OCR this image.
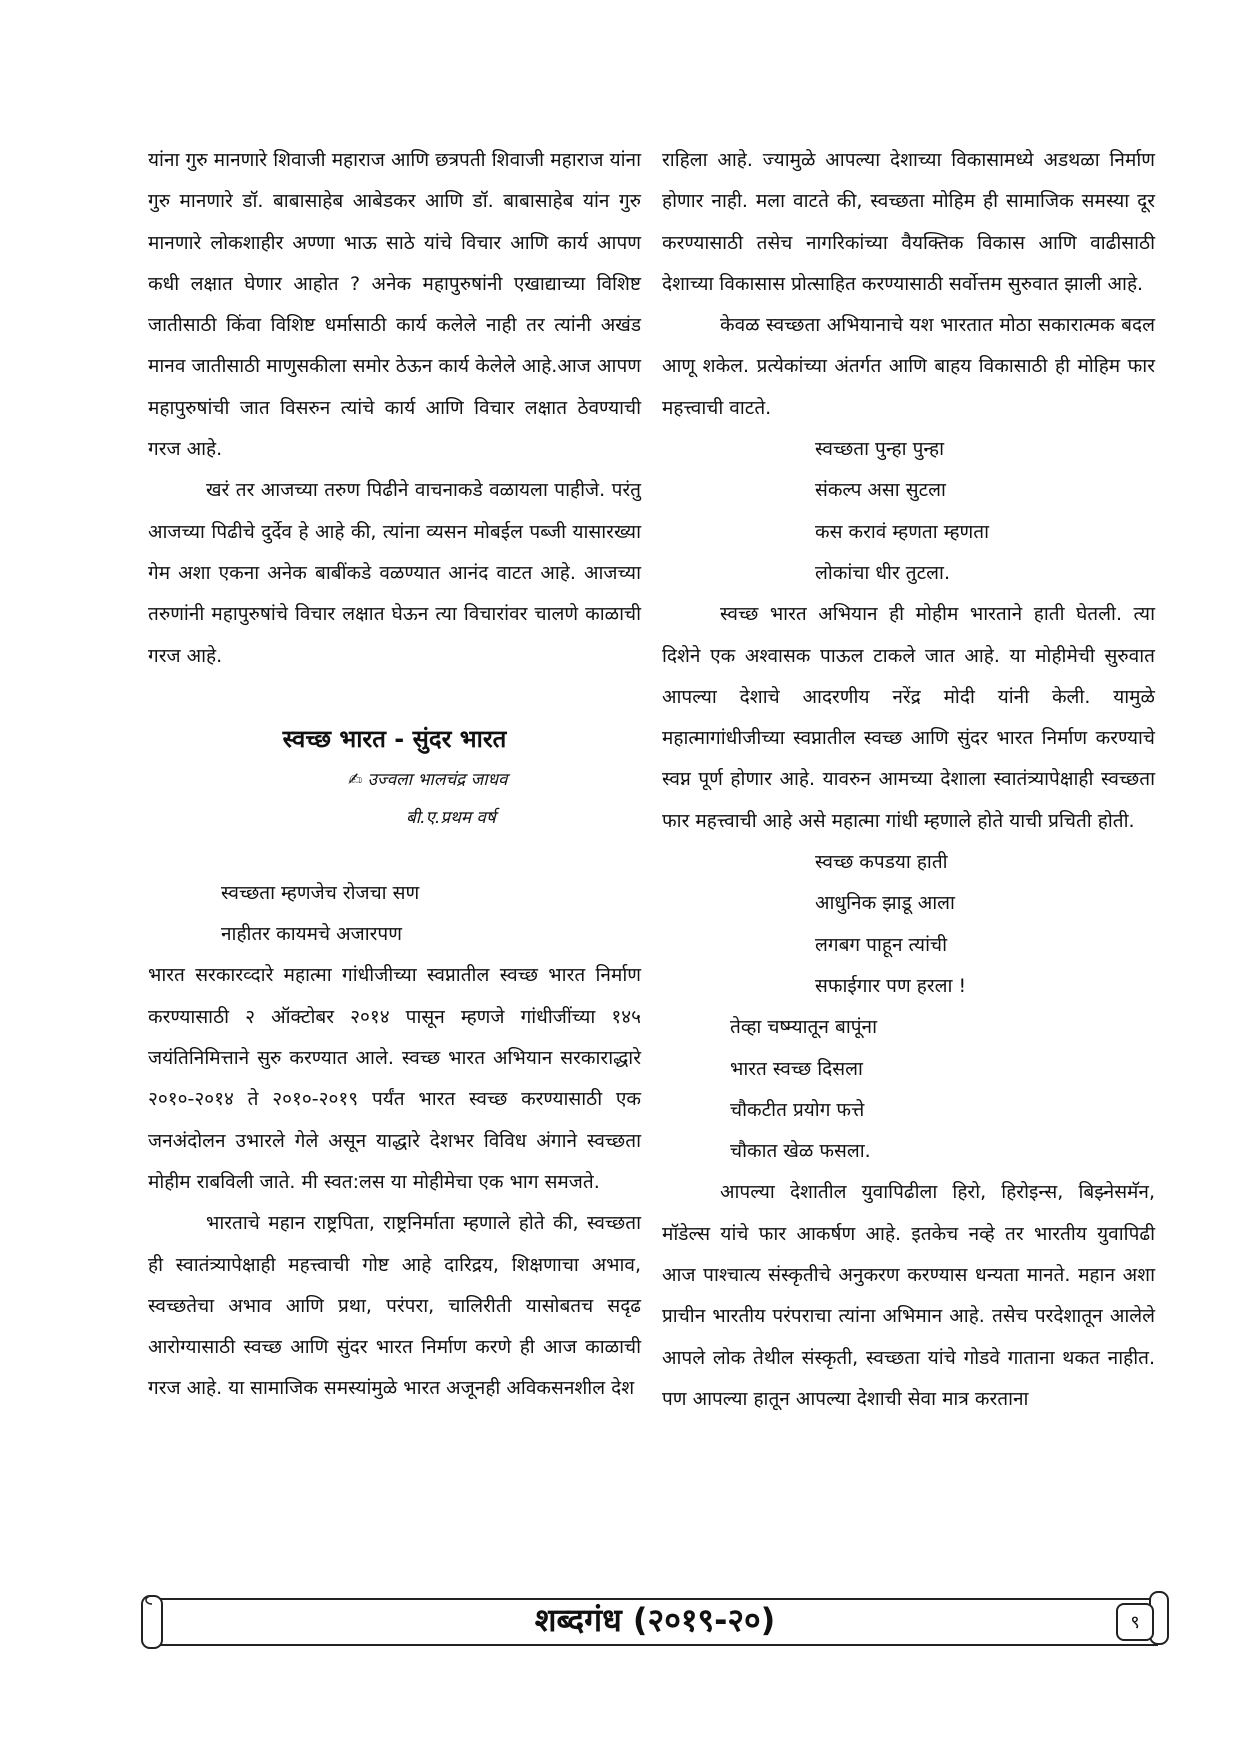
यांना गुरु मानणारे शिवाजी महाराज आणि छत्रपती शिवाजी महाराज यांना गुरु मानणारे डॉ. बाबासाहेब आबेडकर आणि डॉ. बाबासाहेब यांन गुरु मानणारे लोकशाहीर अण्णा भाऊ साठे यांचे विचार आणि कार्य आपण कधी लक्षात घेणार आहोत ? अनेक महापुरुषांनी एखाद्याच्या विशिष्ट जातीसाठी किंवा विशिष्ट धर्मासाठी कार्य कलेले नाही तर त्यांनी अखंड मानव जातीसाठी माणुसकीला समोर ठेऊन कार्य केलेले आहे.आज आपण महापुरुषांची जात विसरुन त्यांचे कार्य आणि विचार लक्षात ठेवण्याची गरज आहे.

खरं तर आजच्या तरुण पिढीने वाचनाकडे वळायला पाहीजे. परंतु आजच्या पिढीचे दुर्देव हे आहे की, त्यांना व्यसन मोबईल पब्जी यासारख्या गेम अशा एकना अनेक बाबींकडे वळण्यात आनंद वाटत आहे. आजच्या तरुणांनी महापुरुषांचे विचार लक्षात घेऊन त्या विचारांवर चालणे काळाची गरज आहे.

स्वच्छ भारत - सुंदर भारत
✍ उज्वला भालचंद्र जाधव
बी.ए.प्रथम वर्ष
स्वच्छता म्हणजेच रोजचा सण
नाहीतर कायमचे अजारपण

भारत सरकारव्दारे महात्मा गांधीजीच्या स्वप्नातील स्वच्छ भारत निर्माण करण्यासाठी २ ऑक्टोबर २०१४ पासून म्हणजे गांधीजींच्या १४५ जयंतिनिमित्ताने सुरु करण्यात आले. स्वच्छ भारत अभियान सरकाराद्धारे २०१०-२०१४ ते २०१०-२०१९ पर्यंत भारत स्वच्छ करण्यासाठी एक जनअंदोलन उभारले गेले असून याद्धारे देशभर विविध अंगाने स्वच्छता मोहीम राबविली जाते. मी स्वत:लस या मोहीमेचा एक भाग समजते.

भारताचे महान राष्ट्रपिता, राष्ट्रनिर्माता म्हणाले होते की, स्वच्छता ही स्वातंत्र्यापेक्षाही महत्त्वाची गोष्ट आहे दारिद्रय, शिक्षणाचा अभाव, स्वच्छतेचा अभाव आणि प्रथा, परंपरा, चालिरीती यासोबतच सदृढ आरोग्यासाठी स्वच्छ आणि सुंदर भारत निर्माण करणे ही आज काळाची गरज आहे. या सामाजिक समस्यांमुळे भारत अजूनही अविकसनशील देश

राहिला आहे. ज्यामुळे आपल्या देशाच्या विकासामध्ये अडथळा निर्माण होणार नाही. मला वाटते की, स्वच्छता मोहिम ही सामाजिक समस्या दूर करण्यासाठी तसेच नागरिकांच्या वैयक्तिक विकास आणि वाढीसाठी देशाच्या विकासास प्रोत्साहित करण्यासाठी सर्वोत्तम सुरुवात झाली आहे.

केवळ स्वच्छता अभियानाचे यश भारतात मोठा सकारात्मक बदल आणू शकेल. प्रत्येकांच्या अंतर्गत आणि बाहय विकासाठी ही मोहिम फार महत्त्वाची वाटते.

स्वच्छता पुन्हा पुन्हा
संकल्प असा सुटला
कस करावं म्हणता म्हणता
लोकांचा धीर तुटला.

स्वच्छ भारत अभियान ही मोहीम भारताने हाती घेतली. त्या दिशेने एक अश्वासक पाऊल टाकले जात आहे. या मोहीमेची सुरुवात आपल्या देशाचे आदरणीय नरेंद्र मोदी यांनी केली. यामुळे महात्मागांधीजीच्या स्वप्नातील स्वच्छ आणि सुंदर भारत निर्माण करण्याचे स्वप्न पूर्ण होणार आहे. यावरुन आमच्या देशाला स्वातंत्र्यापेक्षाही स्वच्छता फार महत्त्वाची आहे असे महात्मा गांधी म्हणाले होते याची प्रचिती होती.

स्वच्छ कपडया हाती
आधुनिक झाडू आला
लगबग पाहून त्यांची
सफाईगार पण हरला !
तेव्हा चष्म्यातून बापूंना
भारत स्वच्छ दिसला
चौकटीत प्रयोग फत्ते
चौकात खेळ फसला.

आपल्या देशातील युवापिढीला हिरो, हिरोइन्स, बिझ्नेसमॅन, मॉडेल्स यांचे फार आकर्षण आहे. इतकेच नव्हे तर भारतीय युवापिढी आज पाश्चात्य संस्कृतीचे अनुकरण करण्यास धन्यता मानते. महान अशा प्राचीन भारतीय परंपराचा त्यांना अभिमान आहे. तसेच परदेशातून आलेले आपले लोक तेथील संस्कृती, स्वच्छता यांचे गोडवे गाताना थकत नाहीत. पण आपल्या हातून आपल्या देशाची सेवा मात्र करताना

शब्दगंध (२०१९-२०)	९
